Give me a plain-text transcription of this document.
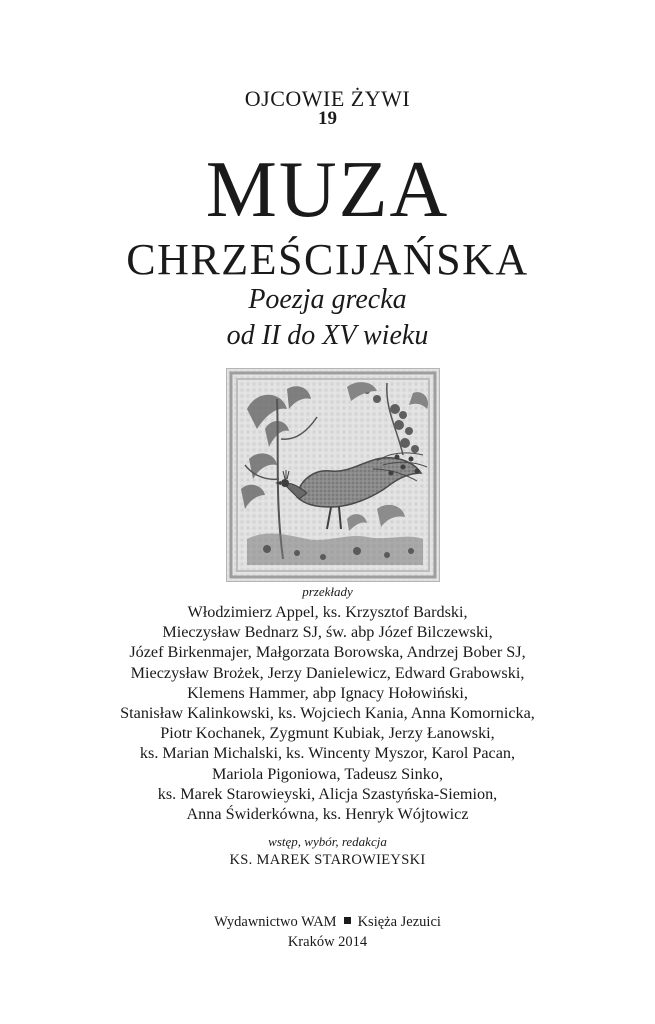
OJCOWIE ŻYWI
19
MUZA
CHRZEŚCIJAŃSKA
Poezja grecka
od II do XV wieku
przekłady
Włodzimierz Appel, ks. Krzysztof Bardski,
Mieczysław Bednarz SJ, św. abp Józef Bilczewski,
Józef Birkenmajer, Małgorzata Borowska, Andrzej Bober SJ,
Mieczysław Brożek, Jerzy Danielewicz, Edward Grabowski,
Klemens Hammer, abp Ignacy Hołowiński,
Stanisław Kalinkowski, ks. Wojciech Kania, Anna Komornicka,
Piotr Kochanek, Zygmunt Kubiak, Jerzy Łanowski,
ks. Marian Michalski, ks. Wincenty Myszor, Karol Pacan,
Mariola Pigoniowa, Tadeusz Sinko,
ks. Marek Starowieyski, Alicja Szastyńska-Siemion,
Anna Świderkówna, ks. Henryk Wójtowicz
wstęp, wybór, redakcja
KS. MAREK STAROWIEYSKI
Wydawnictwo WAM Księża Jezuici
Kraków 2014
